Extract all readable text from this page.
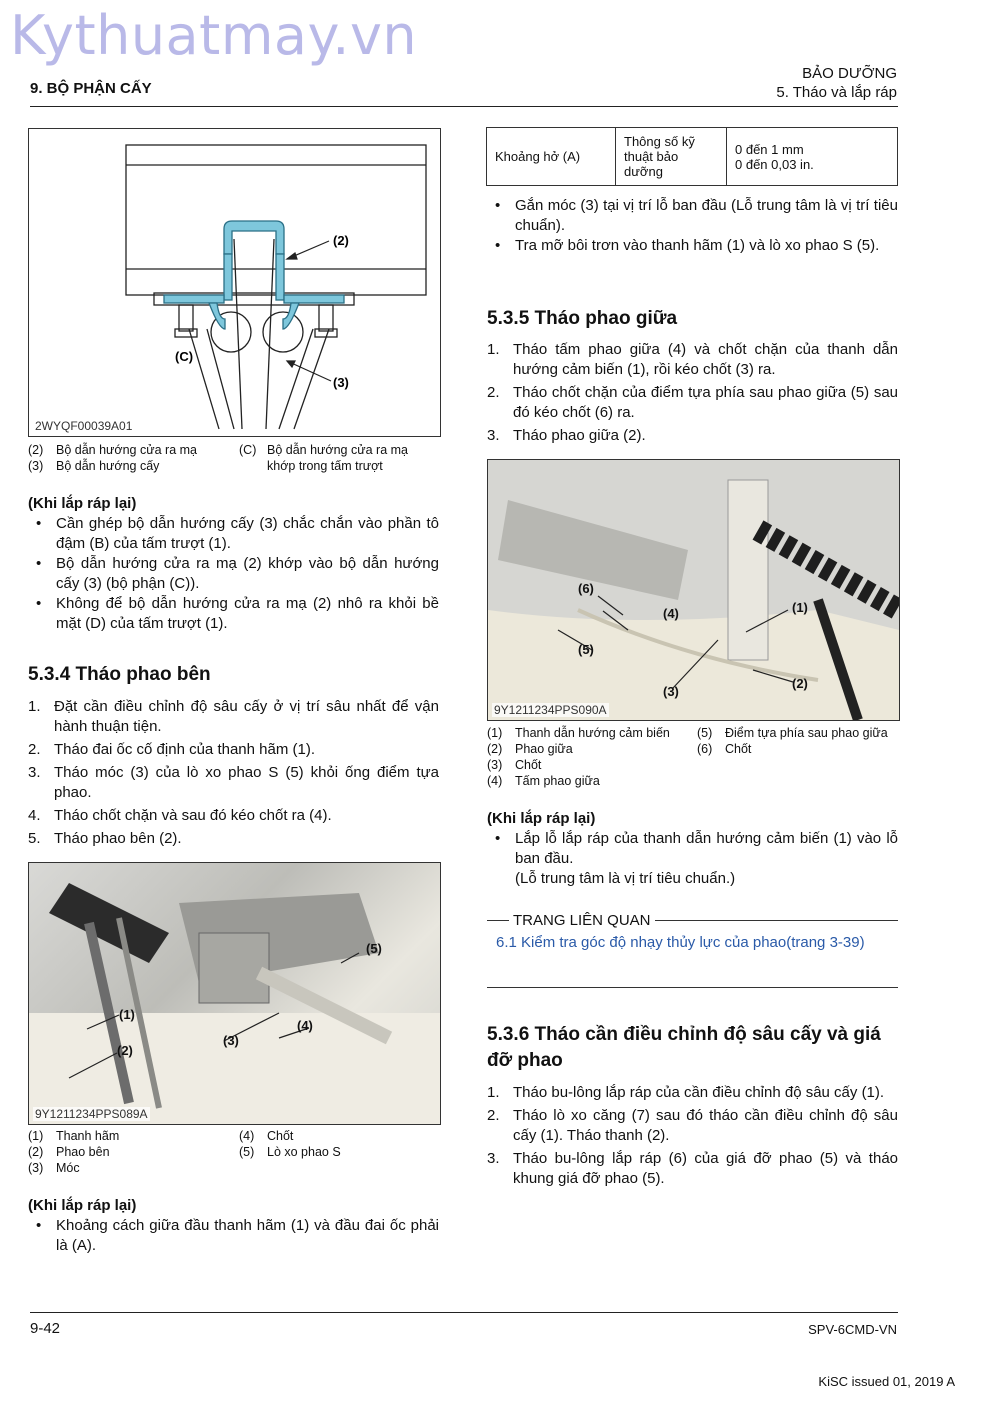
Kythuatmay.vn
9. BỘ PHẬN CẤY
BẢO DƯỠNG
5. Tháo và lắp ráp
(2)
(C)
(3)
2WYQF00039A01
(2)	Bộ dẫn hướng cửa ra mạ
(3)	Bộ dẫn hướng cấy
(C) Bộ dẫn hướng cửa ra mạ khớp trong tấm trượt
(Khi lắp ráp lại)
• Cần ghép bộ dẫn hướng cấy (3) chắc chắn vào phần tô đậm (B) của tấm trượt (1).
• Bộ dẫn hướng cửa ra mạ (2) khớp vào bộ dẫn hướng cấy (3) (bộ phận (C)).
• Không để bộ dẫn hướng cửa ra mạ (2) nhô ra khỏi bề mặt (D) của tấm trượt (1).
5.3.4 Tháo phao bên
1. Đặt cần điều chỉnh độ sâu cấy ở vị trí sâu nhất để vận hành thuận tiện.
2. Tháo đai ốc cố định của thanh hãm (1).
3. Tháo móc (3) của lò xo phao S (5) khỏi ống điểm tựa phao.
4. Tháo chốt chặn và sau đó kéo chốt ra (4).
5. Tháo phao bên (2).
(5)
(1)
(2)
(3)
(4)
9Y1211234PPS089A
(1)	Thanh hãm
(2)	Phao bên
(3)	Móc
(4)	Chốt
(5)	Lò xo phao S
(Khi lắp ráp lại)
• Khoảng cách giữa đầu thanh hãm (1) và đầu đai ốc phải là (A).
Khoảng hở (A)	Thông số kỹ thuật bảo dưỡng	
0 đến 1 mm
0 đến 0,03 in.
• Gắn móc (3) tại vị trí lỗ ban đầu (Lỗ trung tâm là vị trí tiêu chuẩn).
• Tra mỡ bôi trơn vào thanh hãm (1) và lò xo phao S (5).
5.3.5 Tháo phao giữa
1. Tháo tấm phao giữa (4) và chốt chặn của thanh dẫn hướng cảm biến (1), rồi kéo chốt (3) ra.
2. Tháo chốt chặn của điểm tựa phía sau phao giữa (5) sau đó kéo chốt (6) ra.
3. Tháo phao giữa (2).
(6)
(4)	(1)
(5)
(3)
(2)
9Y1211234PPS090A
(1)	Thanh dẫn hướng cảm biến
(2)	Phao giữa
(3)	Chốt
(4)	Tấm phao giữa
(5)	Điểm tựa phía sau phao giữa
(6)	Chốt
(Khi lắp ráp lại)
• Lắp lỗ lắp ráp của thanh dẫn hướng cảm biến (1) vào lỗ ban đầu.
(Lỗ trung tâm là vị trí tiêu chuẩn.)
TRANG LIÊN QUAN
6.1 Kiểm tra góc độ nhạy thủy lực của phao(trang 3-39)
5.3.6 Tháo cần điều chỉnh độ sâu cấy và giá đỡ phao
1. Tháo bu-lông lắp ráp của cần điều chỉnh độ sâu cấy (1).
2. Tháo lò xo căng (7) sau đó tháo cần điều chỉnh độ sâu cấy (1). Tháo thanh (2).
3. Tháo bu-lông lắp ráp (6) của giá đỡ phao (5) và tháo khung giá đỡ phao (5).
9-42	SPV-6CMD-VN
KiSC issued 01, 2019 A
